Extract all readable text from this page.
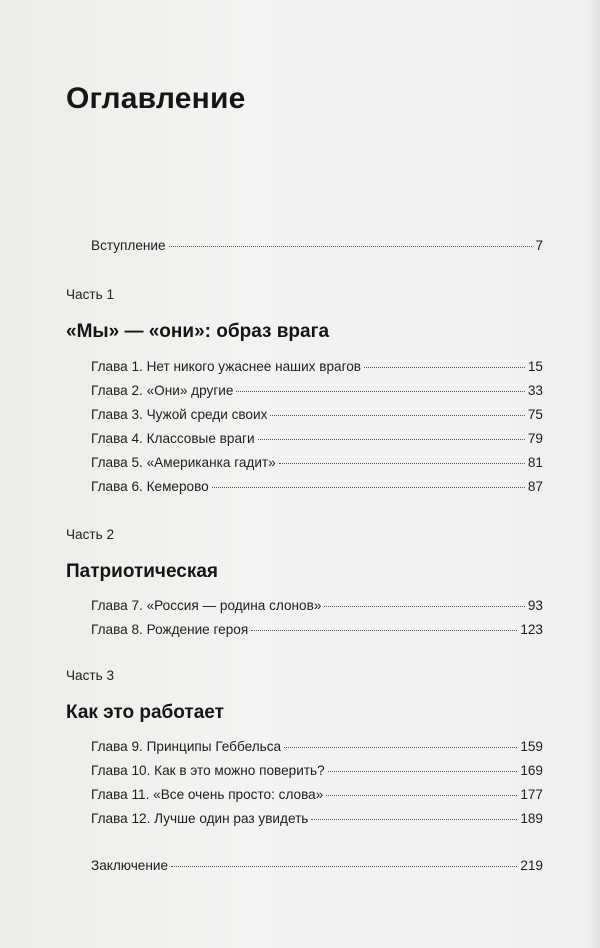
Оглавление
Вступление	7
Часть 1
«Мы» — «они»: образ врага
Глава 1. Нет никого ужаснее наших врагов	15
Глава 2. «Они» другие	33
Глава 3. Чужой среди своих	75
Глава 4. Классовые враги	79
Глава 5. «Американка гадит»	81
Глава 6. Кемерово	87
Часть 2
Патриотическая
Глава 7. «Россия — родина слонов»	93
Глава 8. Рождение героя	123
Часть 3
Как это работает
Глава 9. Принципы Геббельса	159
Глава 10. Как в это можно поверить?	169
Глава 11. «Все очень просто: слова»	177
Глава 12. Лучше один раз увидеть	189
Заключение	219
